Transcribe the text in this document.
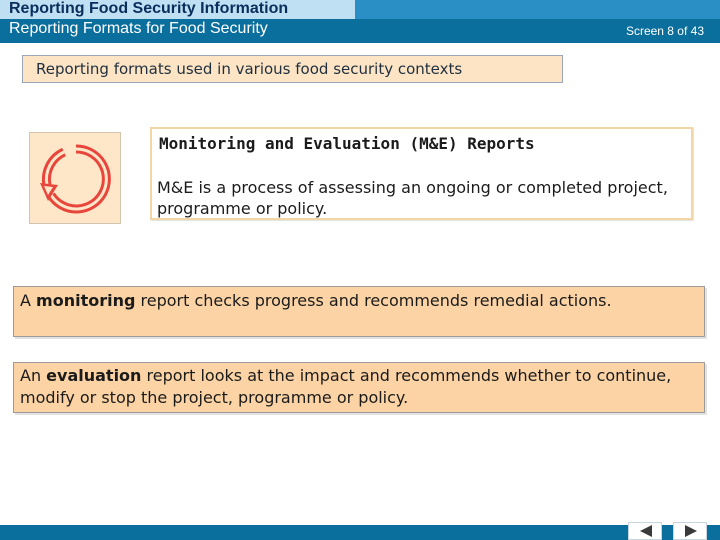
Reporting Food Security Information
Reporting Formats for Food Security	Screen 8 of 43
Reporting formats used in various food security contexts
Monitoring and Evaluation (M&E) Reports
M&E is a process of assessing an ongoing or completed project, programme or policy.
A monitoring report checks progress and recommends remedial actions.
An evaluation report looks at the impact and recommends whether to continue, modify or stop the project, programme or policy.
